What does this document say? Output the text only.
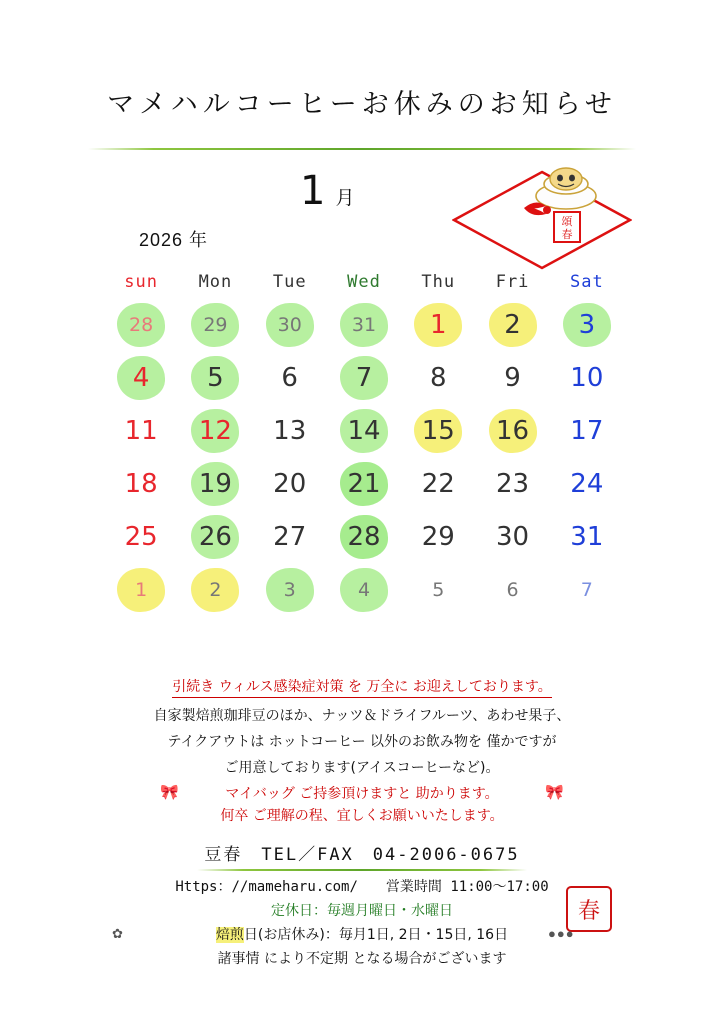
マメハルコーヒーお休みのお知らせ
1 月
2026 年
頌
春
sun	Mon	Tue	Wed	Thu	Fri	Sat
28	29	30	31 1 2 3
4 5 6 7 8 9 10
11 12 13 14 15 16 17
18 19 20 21 22 23 24
25 26 27 28 29 30 31
1	2	3	4	5	6	7
引続き ウィルス感染症対策 を 万全に お迎えしております。

自家製焙煎珈琲豆のほか、ナッツ＆ドライフルーツ、あわせ果子、

テイクアウトは ホットコーヒー 以外のお飲み物を 僅かですが

ご用意しております(アイスコーヒーなど)。

🎀	🎀

マイバッグ ご持参頂けますと 助かります。

何卒 ご理解の程、宜しくお願いいたします。

豆春　TEL／FAX　04-2006-0675
Https：//mameharu.com/　　営業時間 11:00〜17:00
定休日：毎週月曜日・水曜日
焙煎日(お店休み)：毎月1日, 2日・15日, 16日
諸事情 により不定期 となる場合がございます
春
✿	●●●
